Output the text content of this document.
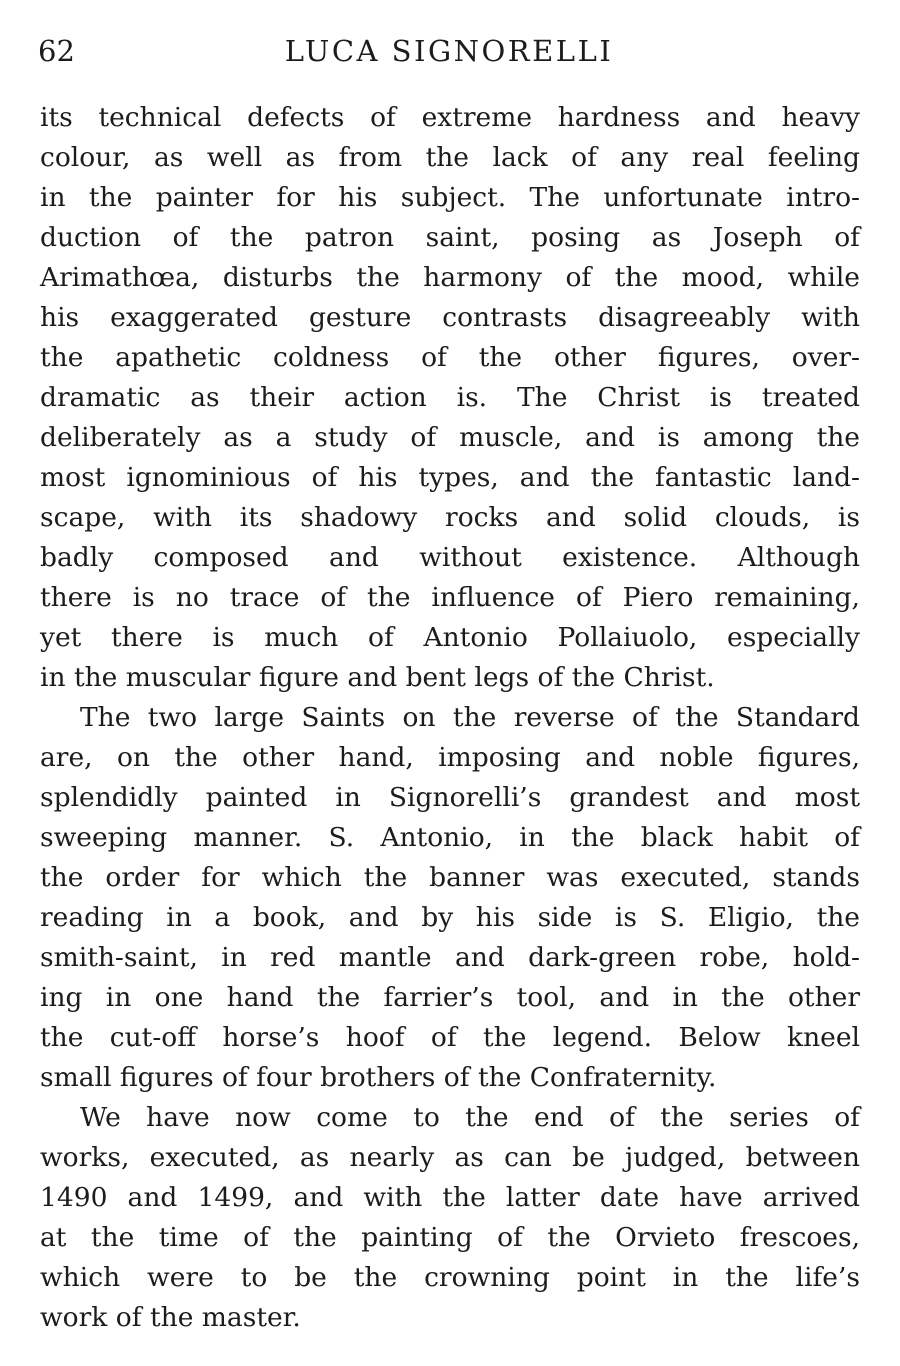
62	LUCA SIGNORELLI

its technical defects of extreme hardness and heavy
colour, as well as from the lack of any real feeling
in the painter for his subject. The unfortunate intro-
duction of the patron saint, posing as Joseph of
Arimathœa, disturbs the harmony of the mood, while
his exaggerated gesture contrasts disagreeably with
the apathetic coldness of the other figures, over-
dramatic as their action is. The Christ is treated
deliberately as a study of muscle, and is among the
most ignominious of his types, and the fantastic land-
scape, with its shadowy rocks and solid clouds, is
badly composed and without existence. Although
there is no trace of the influence of Piero remaining,
yet there is much of Antonio Pollaiuolo, especially
in the muscular figure and bent legs of the Christ.

The two large Saints on the reverse of the Standard
are, on the other hand, imposing and noble figures,
splendidly painted in Signorelli’s grandest and most
sweeping manner. S. Antonio, in the black habit of
the order for which the banner was executed, stands
reading in a book, and by his side is S. Eligio, the
smith-saint, in red mantle and dark-green robe, hold-
ing in one hand the farrier’s tool, and in the other
the cut-off horse’s hoof of the legend. Below kneel
small figures of four brothers of the Confraternity.

We have now come to the end of the series of
works, executed, as nearly as can be judged, between
1490 and 1499, and with the latter date have arrived
at the time of the painting of the Orvieto frescoes,
which were to be the crowning point in the life’s
work of the master.
